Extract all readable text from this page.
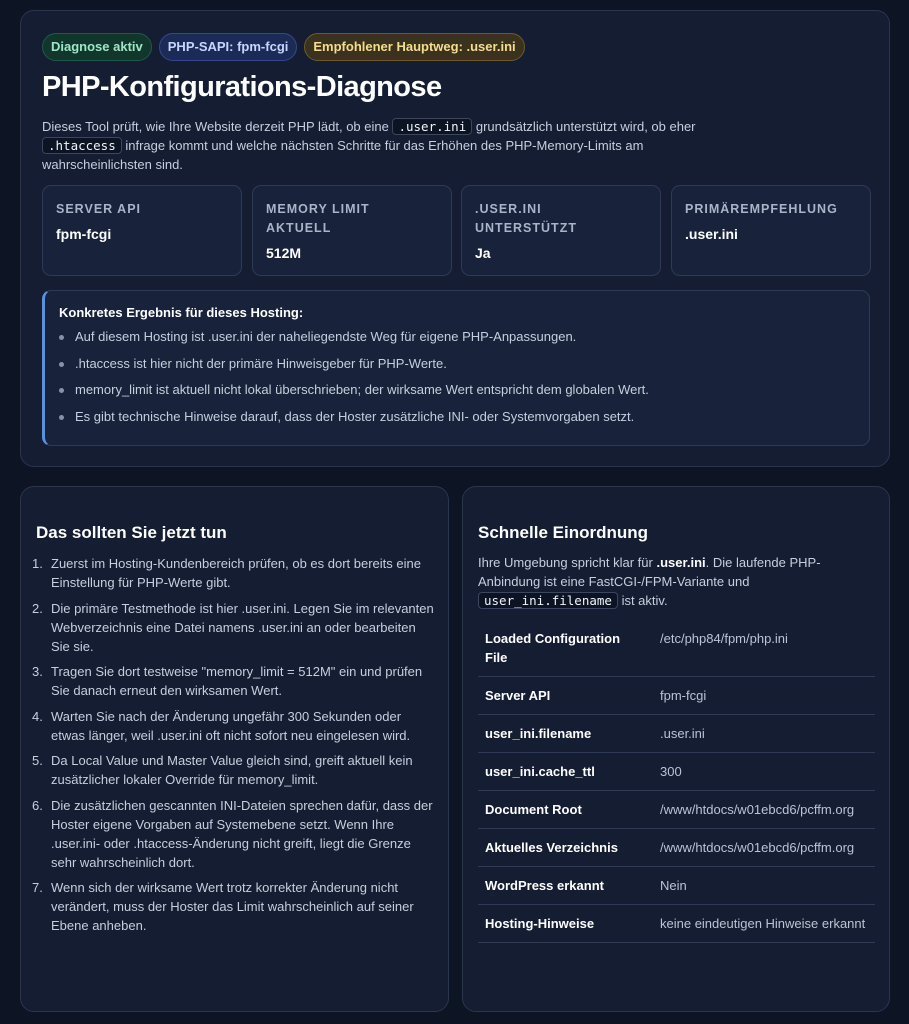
Diagnose aktiv	PHP-SAPI: fpm-fcgi	Empfohlener Hauptweg: .user.ini
PHP-Konfigurations-Diagnose

Dieses Tool prüft, wie Ihre Website derzeit PHP lädt, ob eine .user.ini grundsätzlich unterstützt wird, ob eher .htaccess infrage kommt und welche nächsten Schritte für das Erhöhen des PHP-Memory-Limits am wahrscheinlichsten sind.

SERVER API
fpm-fcgi
MEMORY LIMIT AKTUELL
512M
.USER.INI UNTERSTÜTZT
Ja
PRIMÄREMPFEHLUNG
.user.ini
Konkretes Ergebnis für dieses Hosting:
Auf diesem Hosting ist .user.ini der naheliegendste Weg für eigene PHP-Anpassungen.
.htaccess ist hier nicht der primäre Hinweisgeber für PHP-Werte.
memory_limit ist aktuell nicht lokal überschrieben; der wirksame Wert entspricht dem globalen Wert.
Es gibt technische Hinweise darauf, dass der Hoster zusätzliche INI- oder Systemvorgaben setzt.
Das sollten Sie jetzt tun
Zuerst im Hosting-Kundenbereich prüfen, ob es dort bereits eine Einstellung für PHP-Werte gibt.
Die primäre Testmethode ist hier .user.ini. Legen Sie im relevanten Webverzeichnis eine Datei namens .user.ini an oder bearbeiten Sie sie.
Tragen Sie dort testweise "memory_limit = 512M" ein und prüfen Sie danach erneut den wirksamen Wert.
Warten Sie nach der Änderung ungefähr 300 Sekunden oder etwas länger, weil .user.ini oft nicht sofort neu eingelesen wird.
Da Local Value und Master Value gleich sind, greift aktuell kein zusätzlicher lokaler Override für memory_limit.
Die zusätzlichen gescannten INI-Dateien sprechen dafür, dass der Hoster eigene Vorgaben auf Systemebene setzt. Wenn Ihre .user.ini- oder .htaccess-Änderung nicht greift, liegt die Grenze sehr wahrscheinlich dort.
Wenn sich der wirksame Wert trotz korrekter Änderung nicht verändert, muss der Hoster das Limit wahrscheinlich auf seiner Ebene anheben.
Schnelle Einordnung

Ihre Umgebung spricht klar für .user.ini. Die laufende PHP-Anbindung ist eine FastCGI-/FPM-Variante und user_ini.filename ist aktiv.

Loaded Configuration File	/etc/php84/fpm/php.ini
Server API	fpm-fcgi
user_ini.filename	.user.ini
user_ini.cache_ttl	300
Document Root	/www/htdocs/w01ebcd6/pcffm.org
Aktuelles Verzeichnis	/www/htdocs/w01ebcd6/pcffm.org
WordPress erkannt	Nein
Hosting-Hinweise	keine eindeutigen Hinweise erkannt
